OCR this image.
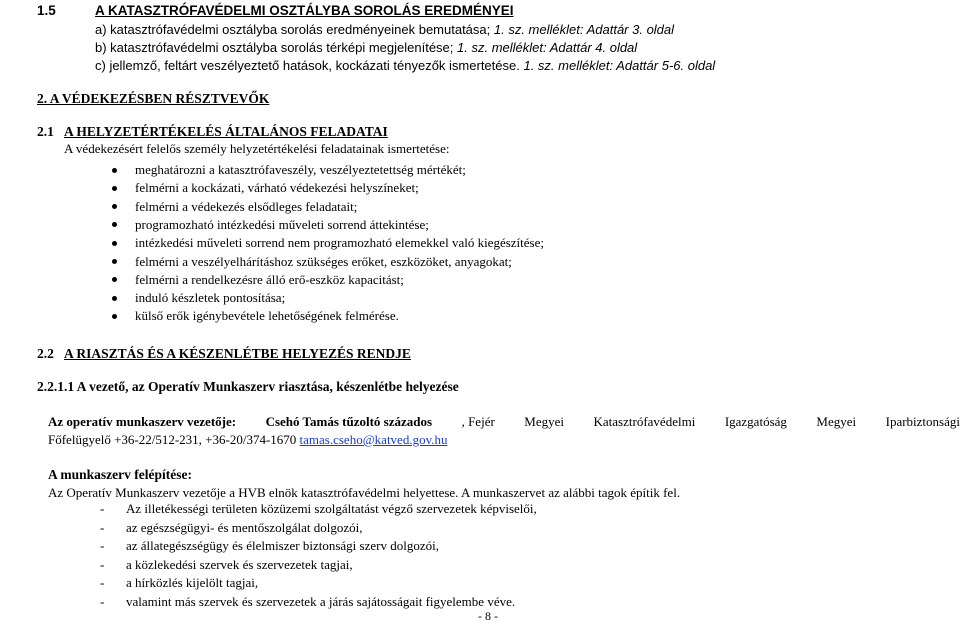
1.5	A KATASZTRÓFAVÉDELMI OSZTÁLYBA SOROLÁS EREDMÉNYEI
a) katasztrófavédelmi osztályba sorolás eredményeinek bemutatása; 1. sz. melléklet: Adattár 3. oldal
b) katasztrófavédelmi osztályba sorolás térképi megjelenítése; 1. sz. melléklet: Adattár 4. oldal
c) jellemző, feltárt veszélyeztető hatások, kockázati tényezők ismertetése. 1. sz. melléklet: Adattár 5-6. oldal
2. A VÉDEKEZÉSBEN RÉSZTVEVŐK
2.1 A HELYZETÉRTÉKELÉS ÁLTALÁNOS FELADATAI
A védekezésért felelős személy helyzetértékelési feladatainak ismertetése:
meghatározni a katasztrófaveszély, veszélyeztetettség mértékét;
felmérni a kockázati, várható védekezési helyszíneket;
felmérni a védekezés elsődleges feladatait;
programozható intézkedési műveleti sorrend áttekintése;
intézkedési műveleti sorrend nem programozható elemekkel való kiegészítése;
felmérni a veszélyelhárításhoz szükséges erőket, eszközöket, anyagokat;
felmérni a rendelkezésre álló erő-eszköz kapacitást;
induló készletek pontosítása;
külső erők igénybevétele lehetőségének felmérése.
2.2 A RIASZTÁS ÉS A KÉSZENLÉTBE HELYEZÉS RENDJE
2.2.1.1 A vezető, az Operatív Munkaszerv riasztása, készenlétbe helyezése
Az operatív munkaszerv vezetője: Csehó Tamás tűzoltó százados , Fejér Megyei Katasztrófavédelmi Igazgatóság Megyei Iparbiztonsági
Főfelügyelő +36-22/512-231, +36-20/374-1670 tamas.cseho@katved.gov.hu
A munkaszerv felépítése:
Az Operatív Munkaszerv vezetője a HVB elnök katasztrófavédelmi helyettese. A munkaszervet az alábbi tagok építik fel.
- Az illetékességi területen közüzemi szolgáltatást végző szervezetek képviselői,
- az egészségügyi- és mentőszolgálat dolgozói,
- az állategészségügy és élelmiszer biztonsági szerv dolgozói,
- a közlekedési szervek és szervezetek tagjai,
- a hírközlés kijelölt tagjai,
- valamint más szervek és szervezetek a járás sajátosságait figyelembe véve.
- 8 -
